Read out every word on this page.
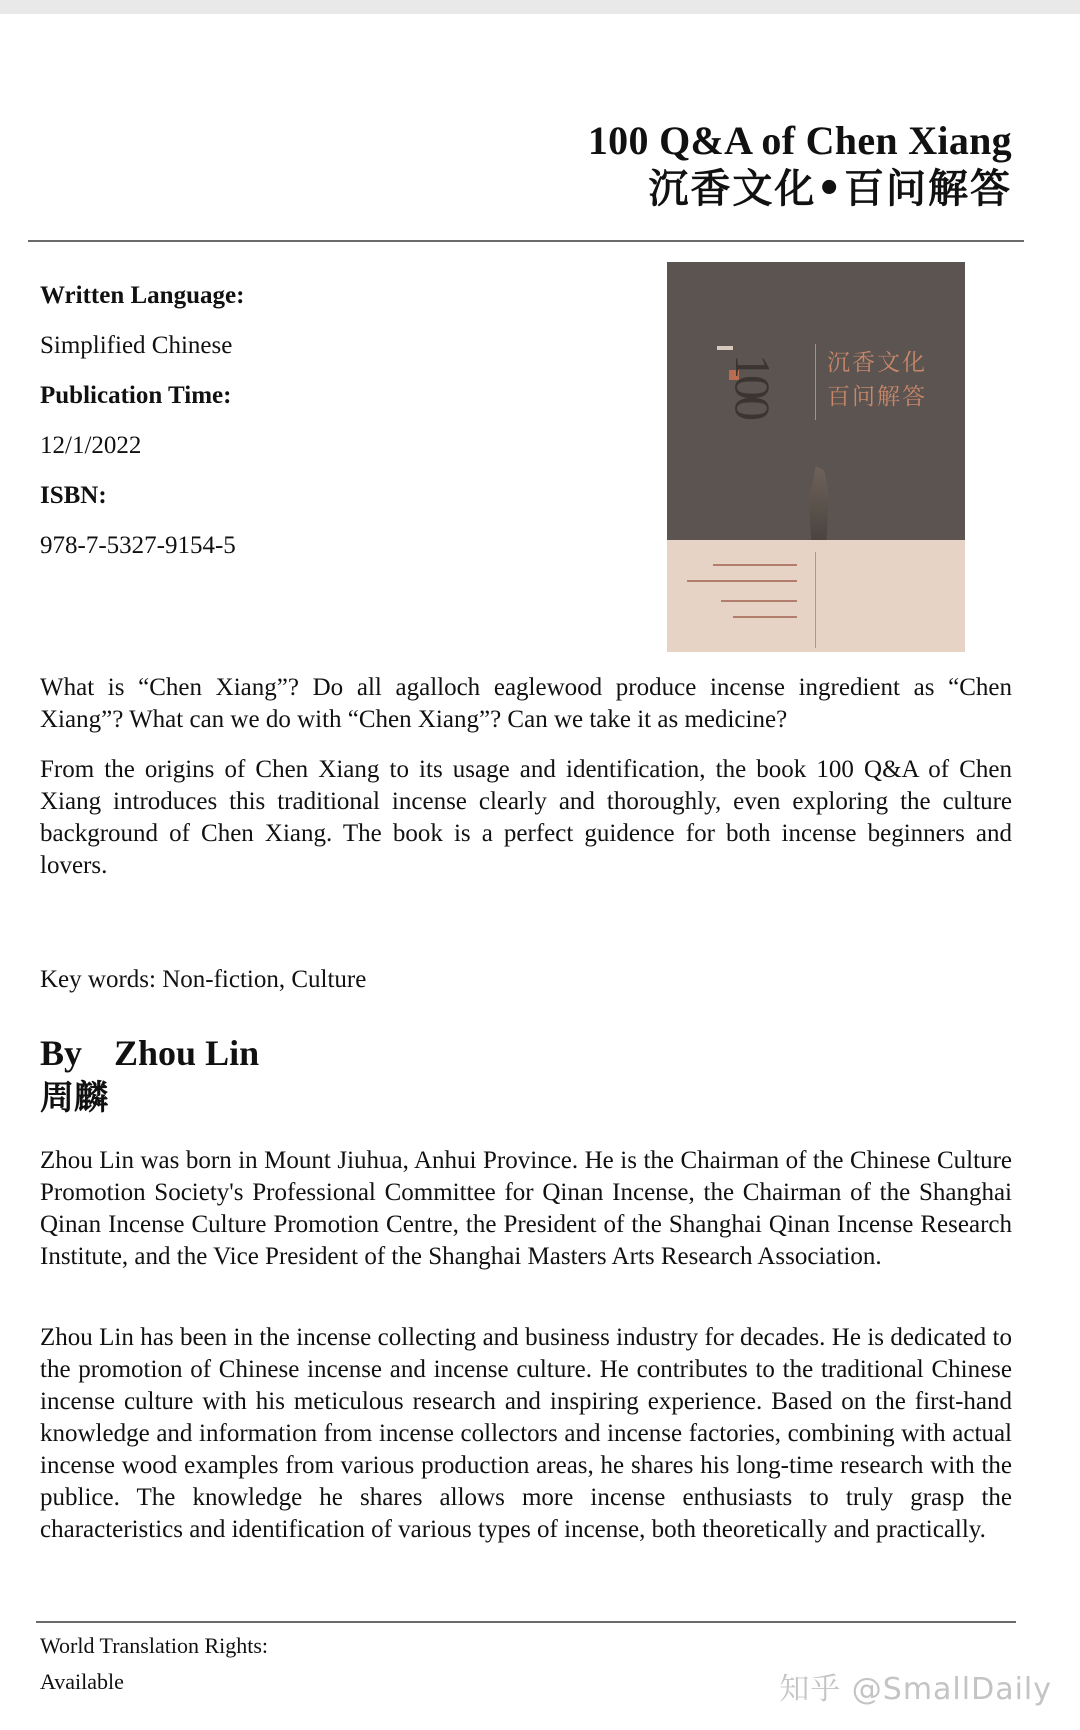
100 Q&A of Chen Xiang
沉香文化•百问解答
Written Language:
Simplified Chinese
Publication Time:
12/1/2022
ISBN:
978-7-5327-9154-5
100 沉香文化
百问解答
What is “Chen Xiang”? Do all agalloch eaglewood produce incense ingredient as “Chen Xiang”? What can we do with “Chen Xiang”? Can we take it as medicine?
From the origins of Chen Xiang to its usage and identification, the book 100 Q&A of Chen Xiang introduces this traditional incense clearly and thoroughly, even exploring the culture background of Chen Xiang. The book is a perfect guidence for both incense beginners and lovers.
Key words: Non-fiction, Culture
By Zhou Lin
周麟
Zhou Lin was born in Mount Jiuhua, Anhui Province. He is the Chairman of the Chinese Culture Promotion Society's Professional Committee for Qinan Incense, the Chairman of the Shanghai Qinan Incense Culture Promotion Centre, the President of the Shanghai Qinan Incense Research Institute, and the Vice President of the Shanghai Masters Arts Research Association.
Zhou Lin has been in the incense collecting and business industry for decades. He is dedicated to the promotion of Chinese incense and incense culture. He contributes to the traditional Chinese incense culture with his meticulous research and inspiring experience. Based on the first-hand knowledge and information from incense collectors and incense factories, combining with actual incense wood examples from various production areas, he shares his long-time research with the publice. The knowledge he shares allows more incense enthusiasts to truly grasp the characteristics and identification of various types of incense, both theoretically and practically.
World Translation Rights:
Available	知乎 @SmallDaily
